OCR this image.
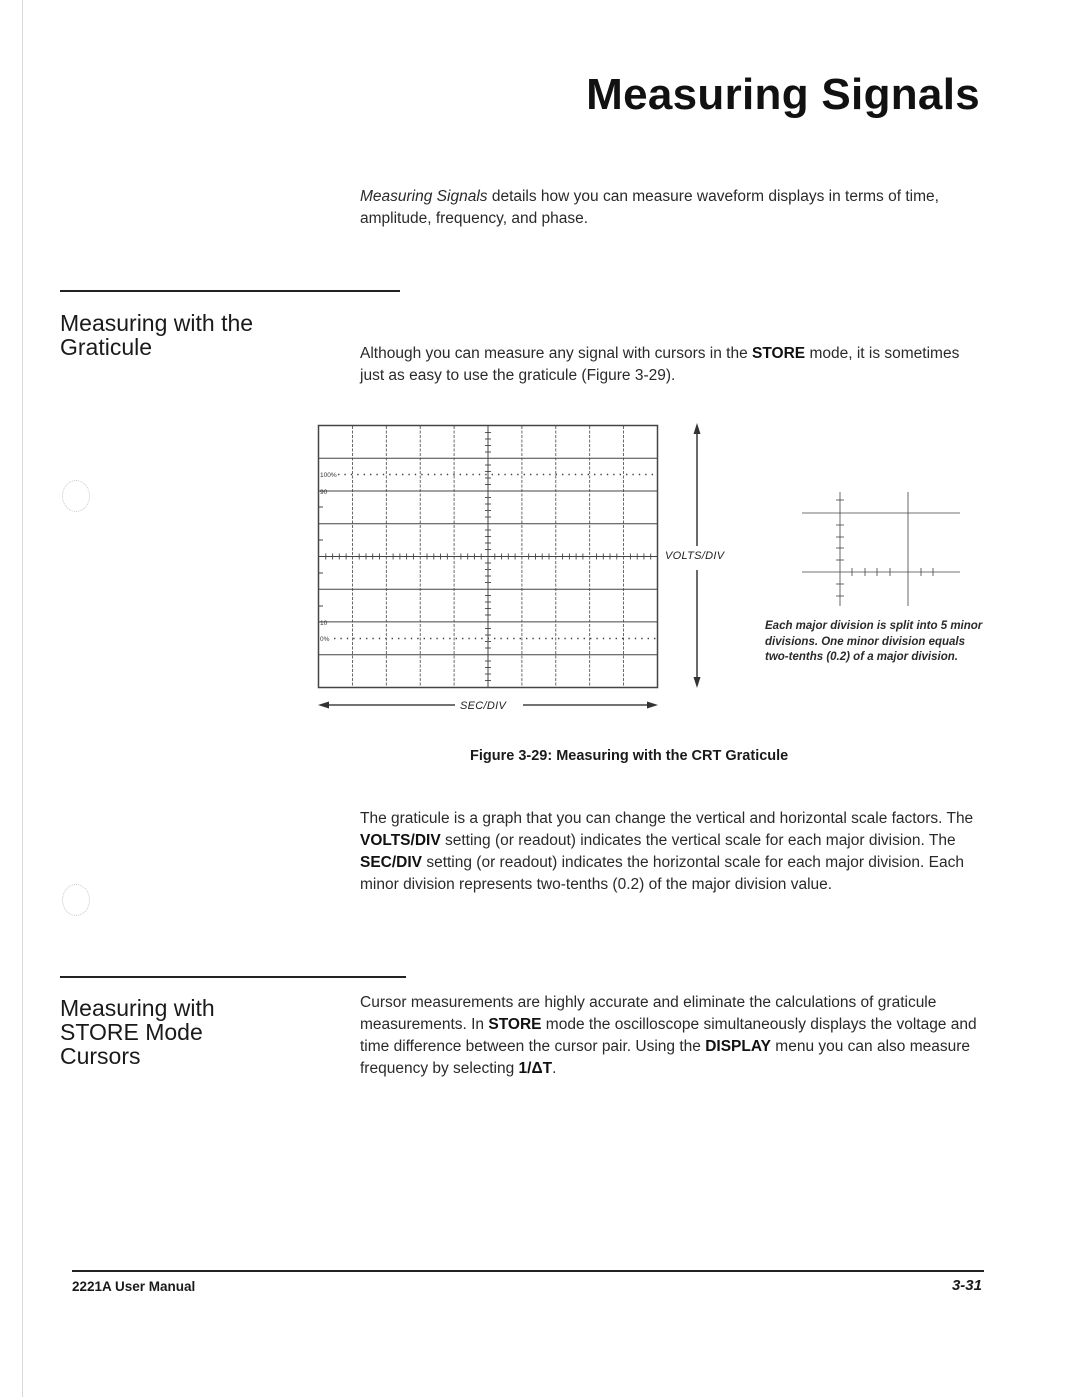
Measuring Signals

Measuring Signals details how you can measure waveform displays in terms of time, amplitude, frequency, and phase.

Measuring with the
Graticule	Although you can measure any signal with cursors in the STORE mode, it is sometimes just as easy to use the graticule (Figure 3-29).

100%
90
10
0%
VOLTS/DIV
SEC/DIV
Each major division is split into 5 minor divisions. One minor division equals two-tenths (0.2) of a major division.
Figure 3-29: Measuring with the CRT Graticule

The graticule is a graph that you can change the vertical and horizontal scale factors. The VOLTS/DIV setting (or readout) indicates the vertical scale for each major division. The SEC/DIV setting (or readout) indicates the horizontal scale for each major division. Each minor division represents two-tenths (0.2) of the major division value.

Measuring with
STORE Mode
Cursors

Cursor measurements are highly accurate and eliminate the calculations of graticule measurements. In STORE mode the oscilloscope simultaneously displays the voltage and time difference between the cursor pair. Using the DISPLAY menu you can also measure frequency by selecting 1/ΔT.

2221A User Manual	3-31
